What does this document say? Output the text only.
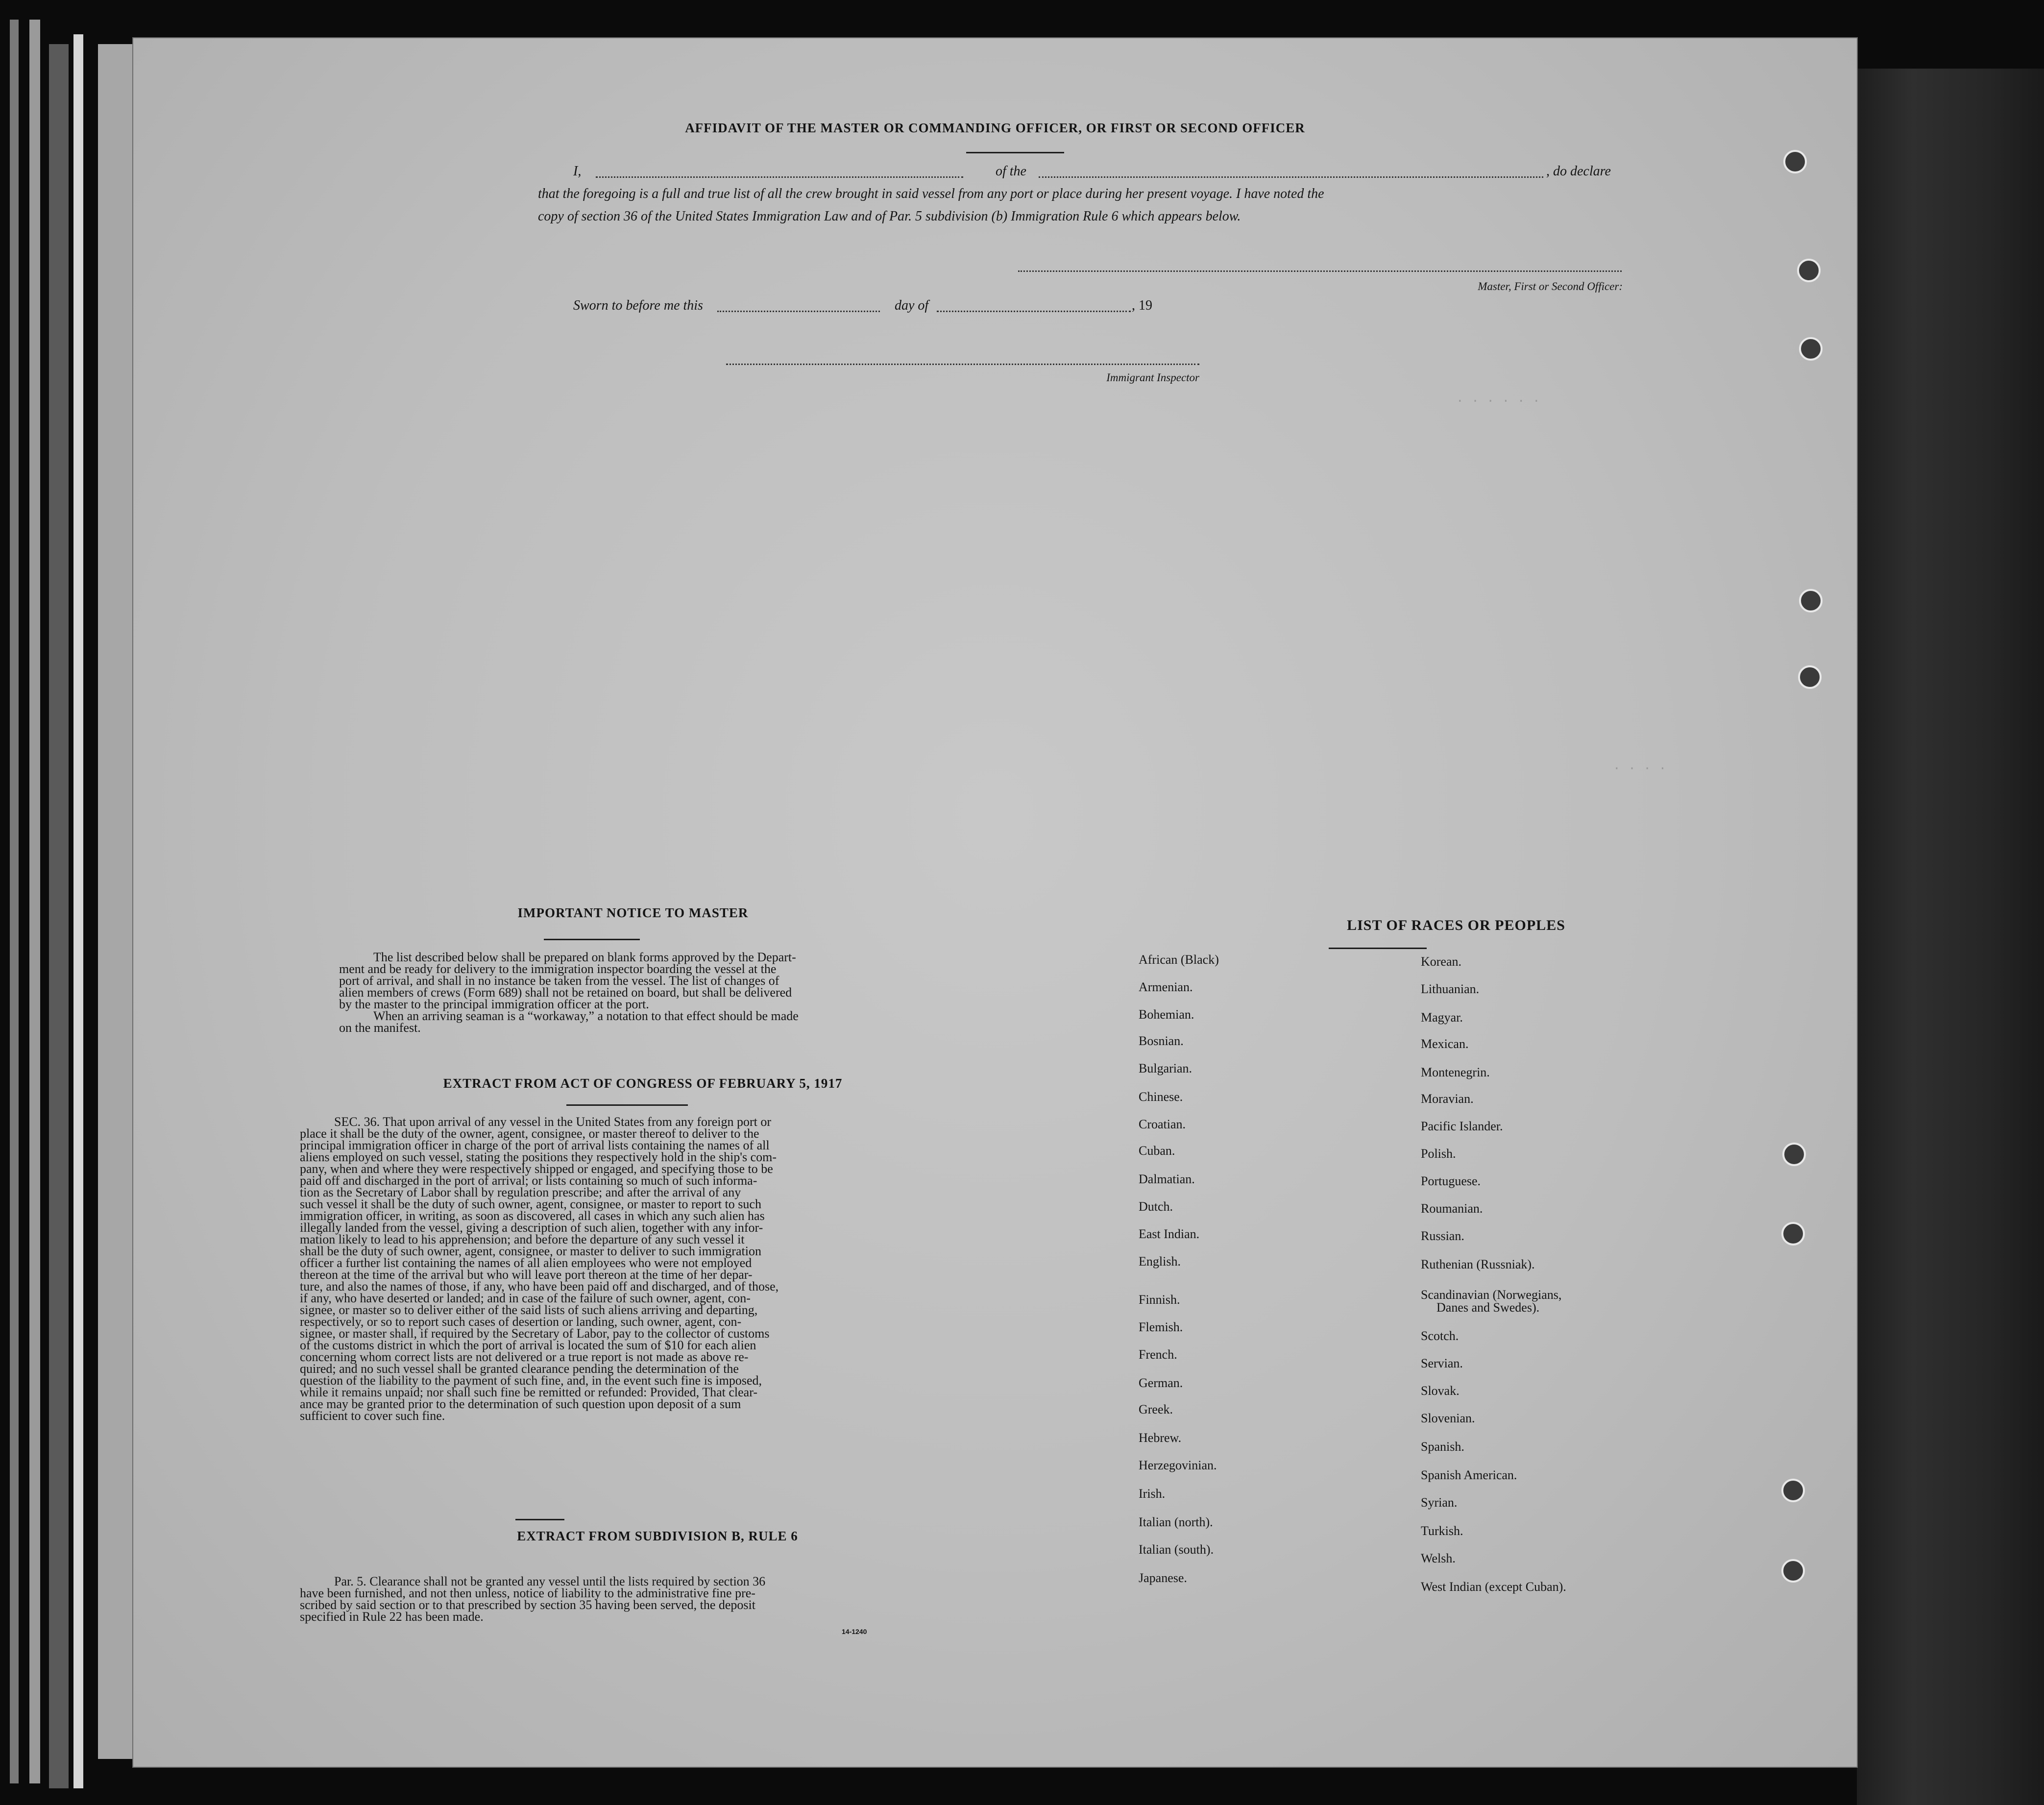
. . . . . .
. . . .
AFFIDAVIT OF THE MASTER OR COMMANDING OFFICER, OR FIRST OR SECOND OFFICER
I,	of the	, do declare
that the foregoing is a full and true list of all the crew brought in said vessel from any port or place during her present voyage. I have noted the
copy of section 36 of the United States Immigration Law and of Par. 5 subdivision (b) Immigration Rule 6 which appears below.
Master, First or Second Officer:
Sworn to before me this	day of	, 19
Immigrant Inspector
IMPORTANT NOTICE TO MASTER
The list described below shall be prepared on blank forms approved by the Depart-
ment and be ready for delivery to the immigration inspector boarding the vessel at the
port of arrival, and shall in no instance be taken from the vessel. The list of changes of
alien members of crews (Form 689) shall not be retained on board, but shall be delivered
by the master to the principal immigration officer at the port.
When an arriving seaman is a “workaway,” a notation to that effect should be made
on the manifest.
EXTRACT FROM ACT OF CONGRESS OF FEBRUARY 5, 1917
SEC. 36. That upon arrival of any vessel in the United States from any foreign port or
place it shall be the duty of the owner, agent, consignee, or master thereof to deliver to the
principal immigration officer in charge of the port of arrival lists containing the names of all
aliens employed on such vessel, stating the positions they respectively hold in the ship's com-
pany, when and where they were respectively shipped or engaged, and specifying those to be
paid off and discharged in the port of arrival; or lists containing so much of such informa-
tion as the Secretary of Labor shall by regulation prescribe; and after the arrival of any
such vessel it shall be the duty of such owner, agent, consignee, or master to report to such
immigration officer, in writing, as soon as discovered, all cases in which any such alien has
illegally landed from the vessel, giving a description of such alien, together with any infor-
mation likely to lead to his apprehension; and before the departure of any such vessel it
shall be the duty of such owner, agent, consignee, or master to deliver to such immigration
officer a further list containing the names of all alien employees who were not employed
thereon at the time of the arrival but who will leave port thereon at the time of her depar-
ture, and also the names of those, if any, who have been paid off and discharged, and of those,
if any, who have deserted or landed; and in case of the failure of such owner, agent, con-
signee, or master so to deliver either of the said lists of such aliens arriving and departing,
respectively, or so to report such cases of desertion or landing, such owner, agent, con-
signee, or master shall, if required by the Secretary of Labor, pay to the collector of customs
of the customs district in which the port of arrival is located the sum of $10 for each alien
concerning whom correct lists are not delivered or a true report is not made as above re-
quired; and no such vessel shall be granted clearance pending the determination of the
question of the liability to the payment of such fine, and, in the event such fine is imposed,
while it remains unpaid; nor shall such fine be remitted or refunded: Provided, That clear-
ance may be granted prior to the determination of such question upon deposit of a sum
sufficient to cover such fine.
EXTRACT FROM SUBDIVISION B, RULE 6
Par. 5. Clearance shall not be granted any vessel until the lists required by section 36
have been furnished, and not then unless, notice of liability to the administrative fine pre-
scribed by said section or to that prescribed by section 35 having been served, the deposit
specified in Rule 22 has been made.
14-1240
LIST OF RACES OR PEOPLES
African (Black)
Armenian.
Bohemian.
Bosnian.
Bulgarian.
Chinese.
Croatian.
Cuban.
Dalmatian.
Dutch.
East Indian.
English.
Finnish.
Flemish.
French.
German.
Greek.
Hebrew.
Herzegovinian.
Irish.
Italian (north).
Italian (south).
Japanese.
Korean.
Lithuanian.
Magyar.
Mexican.
Montenegrin.
Moravian.
Pacific Islander.
Polish.
Portuguese.
Roumanian.
Russian.
Ruthenian (Russniak).
Scandinavian (Norwegians,
Danes and Swedes).
Scotch.
Servian.
Slovak.
Slovenian.
Spanish.
Spanish American.
Syrian.
Turkish.
Welsh.
West Indian (except Cuban).
